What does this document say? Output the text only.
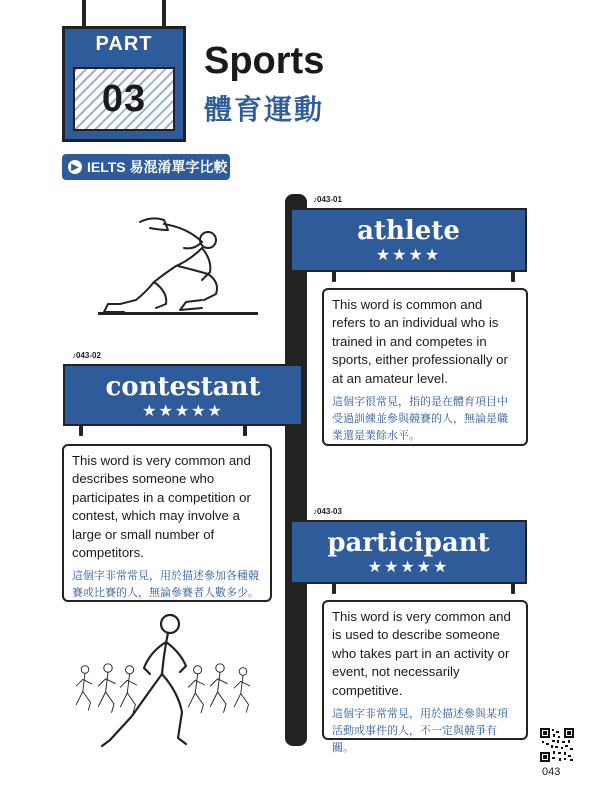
PART
03
Sports
體育運動
▶ IELTS 易混淆單字比較
♪043-01
athlete
★★★★
This word is common and refers to an individual who is trained in and competes in sports, either professionally or at an amateur level.
這個字很常見，指的是在體育項目中受過訓練並參與競賽的人，無論是職業還是業餘水平。
♪043-02
contestant
★★★★★
This word is very common and describes someone who participates in a competition or contest, which may involve a large or small number of competitors.
這個字非常常見，用於描述參加各種競賽或比賽的人，無論參賽者人數多少。
♪043-03
participant
★★★★★
This word is very common and is used to describe someone who takes part in an activity or event, not necessarily competitive.
這個字非常常見，用於描述參與某項活動或事件的人，不一定與競爭有關。
043
